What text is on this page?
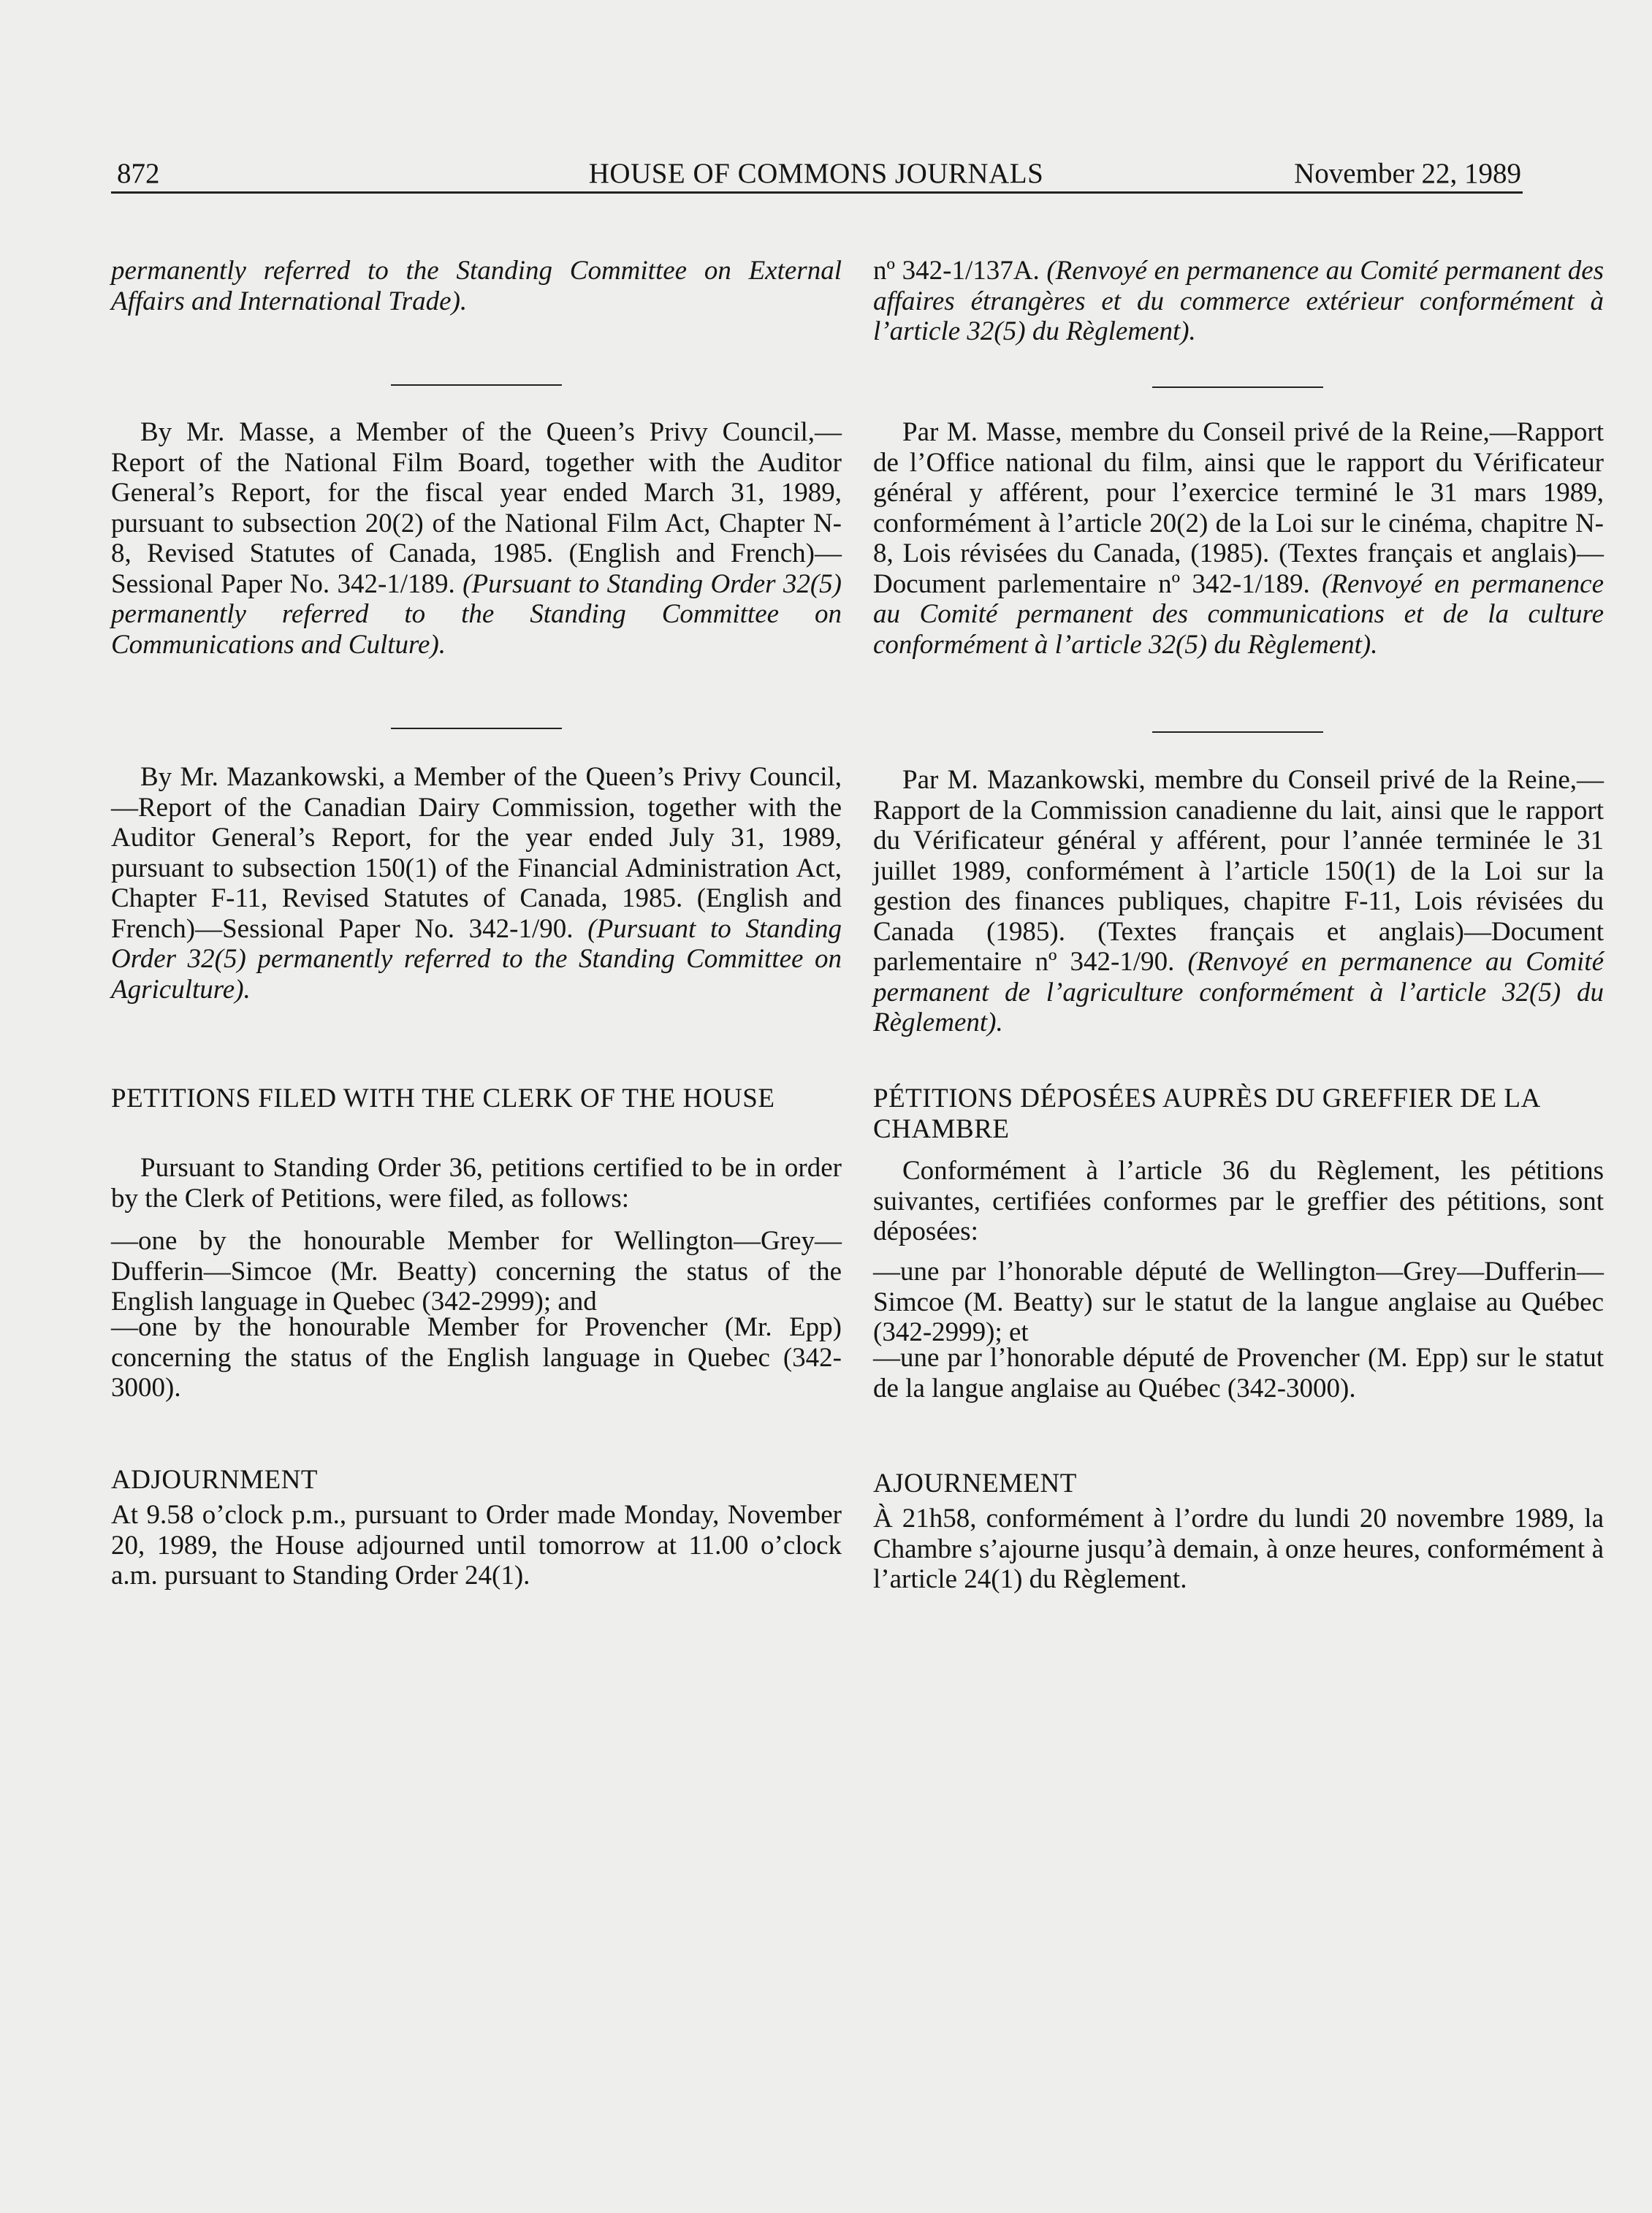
872	HOUSE OF COMMONS JOURNALS	November 22, 1989

permanently referred to the Standing Committee on External Affairs and International Trade).

By Mr. Masse, a Member of the Queen’s Privy Council,—Report of the National Film Board, together with the Auditor General’s Report, for the fiscal year ended March 31, 1989, pursuant to subsection 20(2) of the National Film Act, Chapter N-8, Revised Statutes of Canada, 1985. (English and French)—Sessional Paper No. 342-1/189. (Pursuant to Standing Order 32(5) permanently referred to the Standing Committee on Communications and Culture).

By Mr. Mazankowski, a Member of the Queen’s Privy Council,—Report of the Canadian Dairy Commission, together with the Auditor General’s Report, for the year ended July 31, 1989, pursuant to subsection 150(1) of the Financial Administration Act, Chapter F-11, Revised Statutes of Canada, 1985. (English and French)—Sessional Paper No. 342-1/90. (Pursuant to Standing Order 32(5) permanently referred to the Standing Committee on Agriculture).

PETITIONS FILED WITH THE CLERK OF THE HOUSE

Pursuant to Standing Order 36, petitions certified to be in order by the Clerk of Petitions, were filed, as follows:

—one by the honourable Member for Wellington—Grey—Dufferin—Simcoe (Mr. Beatty) concerning the status of the English language in Quebec (342-2999); and

—one by the honourable Member for Provencher (Mr. Epp) concerning the status of the English language in Quebec (342-3000).

ADJOURNMENT

At 9.58 o’clock p.m., pursuant to Order made Monday, November 20, 1989, the House adjourned until tomorrow at 11.00 o’clock a.m. pursuant to Standing Order 24(1).

nº 342-1/137A. (Renvoyé en permanence au Comité permanent des affaires étrangères et du commerce extérieur conformément à l’article 32(5) du Règlement).

Par M. Masse, membre du Conseil privé de la Reine,—Rapport de l’Office national du film, ainsi que le rapport du Vérificateur général y afférent, pour l’exercice terminé le 31 mars 1989, conformément à l’article 20(2) de la Loi sur le cinéma, chapitre N-8, Lois révisées du Canada, (1985). (Textes français et anglais)—Document parlementaire nº 342-1/189. (Renvoyé en permanence au Comité permanent des communications et de la culture conformément à l’article 32(5) du Règlement).

Par M. Mazankowski, membre du Conseil privé de la Reine,—Rapport de la Commission canadienne du lait, ainsi que le rapport du Vérificateur général y afférent, pour l’année terminée le 31 juillet 1989, conformément à l’article 150(1) de la Loi sur la gestion des finances publiques, chapitre F-11, Lois révisées du Canada (1985). (Textes français et anglais)—Document parlementaire nº 342-1/90. (Renvoyé en permanence au Comité permanent de l’agriculture conformément à l’article 32(5) du Règlement).

PÉTITIONS DÉPOSÉES AUPRÈS DU GREFFIER DE LA CHAMBRE

Conformément à l’article 36 du Règlement, les pétitions suivantes, certifiées conformes par le greffier des pétitions, sont déposées:

—une par l’honorable député de Wellington—Grey—Dufferin—Simcoe (M. Beatty) sur le statut de la langue anglaise au Québec (342-2999); et

—une par l’honorable député de Provencher (M. Epp) sur le statut de la langue anglaise au Québec (342-3000).

AJOURNEMENT

À 21h58, conformément à l’ordre du lundi 20 novembre 1989, la Chambre s’ajourne jusqu’à demain, à onze heures, conformément à l’article 24(1) du Règlement.
